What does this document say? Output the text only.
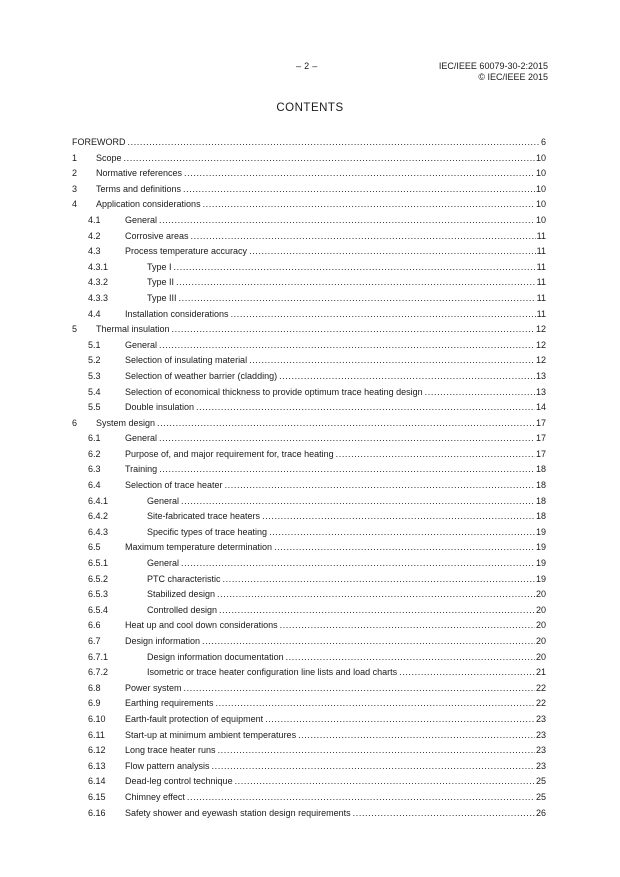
– 2 –	IEC/IEEE 60079-30-2:2015
© IEC/IEEE 2015
CONTENTS
FOREWORD .....	6
1 Scope .....	10
2 Normative references .....	10
3 Terms and definitions .....	10
4 Application considerations .....	10
4.1	General .....	10
4.2	Corrosive areas .....	11
4.3	Process temperature accuracy .....	11
4.3.1	Type I .....	11
4.3.2	Type II .....	11
4.3.3	Type III .....	11
4.4	Installation considerations .....	11
5 Thermal insulation .....	12
5.1	General .....	12
5.2	Selection of insulating material .....	12
5.3	Selection of weather barrier (cladding) .....	13
5.4	Selection of economical thickness to provide optimum trace heating design .....	13
5.5	Double insulation .....	14
6 System design .....	17
6.1	General .....	17
6.2	Purpose of, and major requirement for, trace heating .....	17
6.3	Training .....	18
6.4	Selection of trace heater .....	18
6.4.1	General .....	18
6.4.2	Site-fabricated trace heaters .....	18
6.4.3	Specific types of trace heating .....	19
6.5	Maximum temperature determination .....	19
6.5.1	General .....	19
6.5.2	PTC characteristic .....	19
6.5.3	Stabilized design .....	20
6.5.4	Controlled design .....	20
6.6	Heat up and cool down considerations .....	20
6.7	Design information .....	20
6.7.1	Design information documentation .....	20
6.7.2	Isometric or trace heater configuration line lists and load charts .....	21
6.8	Power system .....	22
6.9	Earthing requirements .....	22
6.10 Earth-fault protection of equipment .....	23
6.11 Start-up at minimum ambient temperatures .....	23
6.12 Long trace heater runs .....	23
6.13 Flow pattern analysis .....	23
6.14 Dead-leg control technique .....	25
6.15 Chimney effect .....	25
6.16 Safety shower and eyewash station design requirements .....	26
